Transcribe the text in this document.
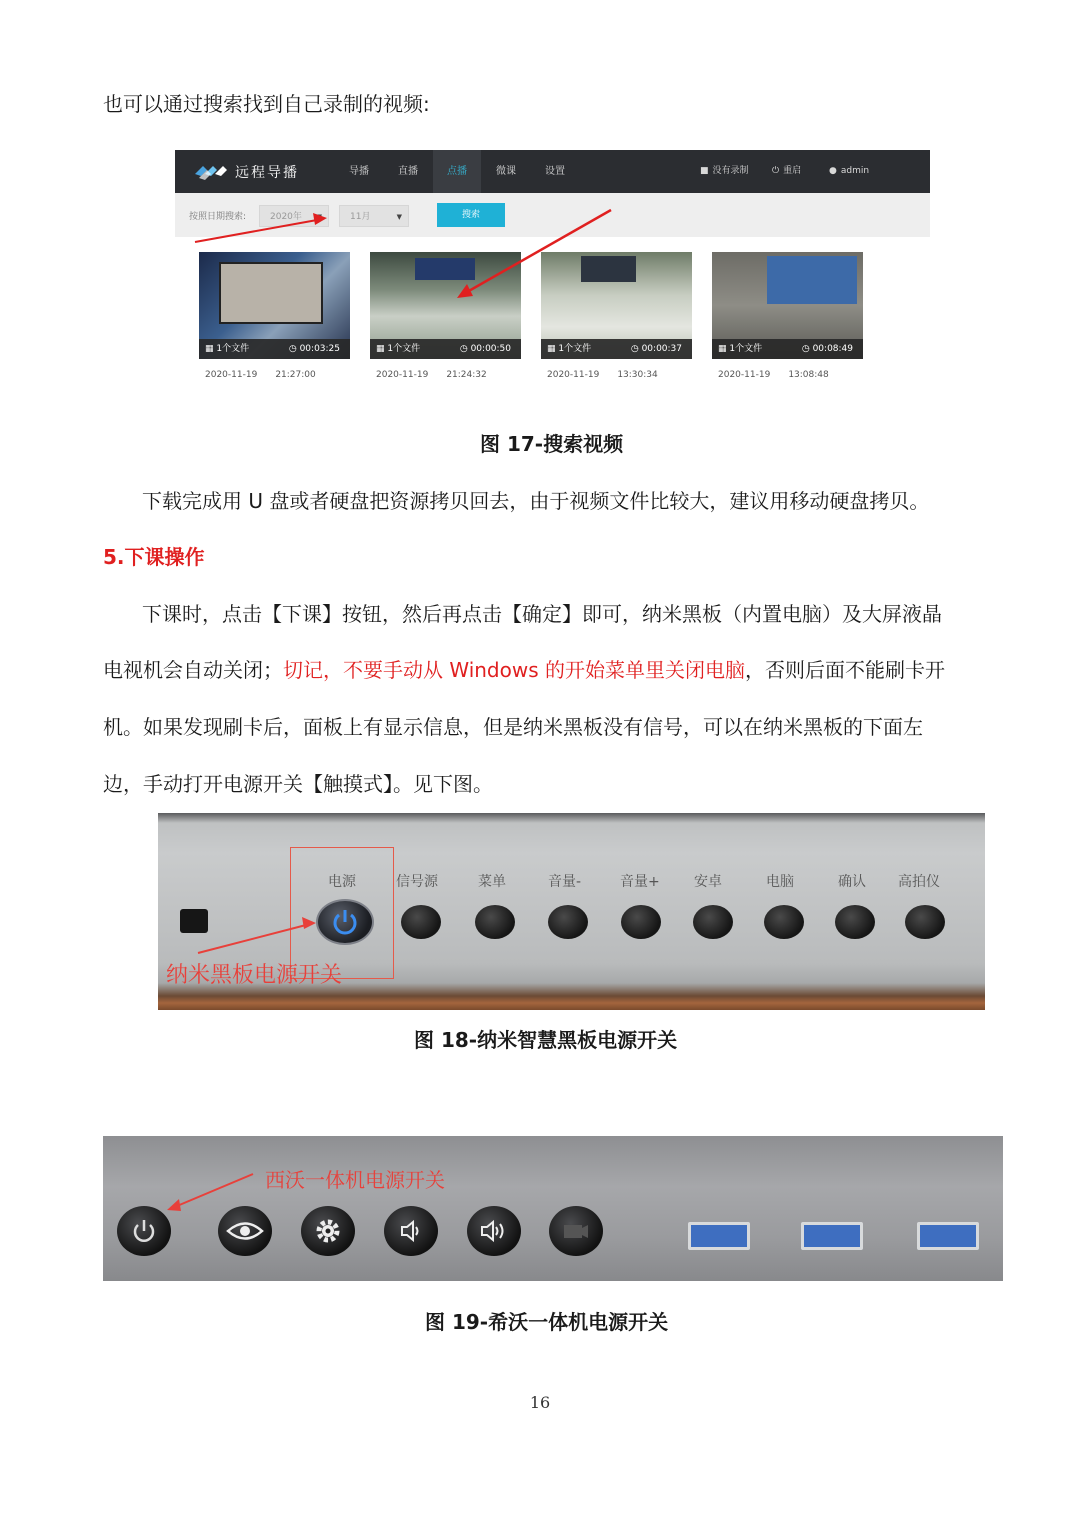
也可以通过搜索找到自己录制的视频:
远程导播	导播	直播	点播	微课	设置	■ 没有录制	⏻ 重启	● admin
按照日期搜索:	2020年	11月	▼	搜索
▦ 1个文件	◷ 00:03:25	▦ 1个文件	◷ 00:00:50	▦ 1个文件	◷ 00:00:37	▦ 1个文件	◷ 00:08:49
2020-11-19 21:27:00	2020-11-19 21:24:32	2020-11-19 13:30:34	2020-11-19 13:08:48
图 17-搜索视频
下载完成用 U 盘或者硬盘把资源拷贝回去，由于视频文件比较大，建议用移动硬盘拷贝。
5.下课操作
下课时，点击【下课】按钮，然后再点击【确定】即可，纳米黑板（内置电脑）及大屏液晶
电视机会自动关闭；切记，不要手动从 Windows 的开始菜单里关闭电脑，否则后面不能刷卡开
机。如果发现刷卡后，面板上有显示信息，但是纳米黑板没有信号，可以在纳米黑板的下面左
边，手动打开电源开关【触摸式】。见下图。
电源	信号源	菜单	音量-	音量+ 安卓	电脑	确认 高拍仪
纳米黑板电源开关
图 18-纳米智慧黑板电源开关
西沃一体机电源开关
图 19-希沃一体机电源开关
16
